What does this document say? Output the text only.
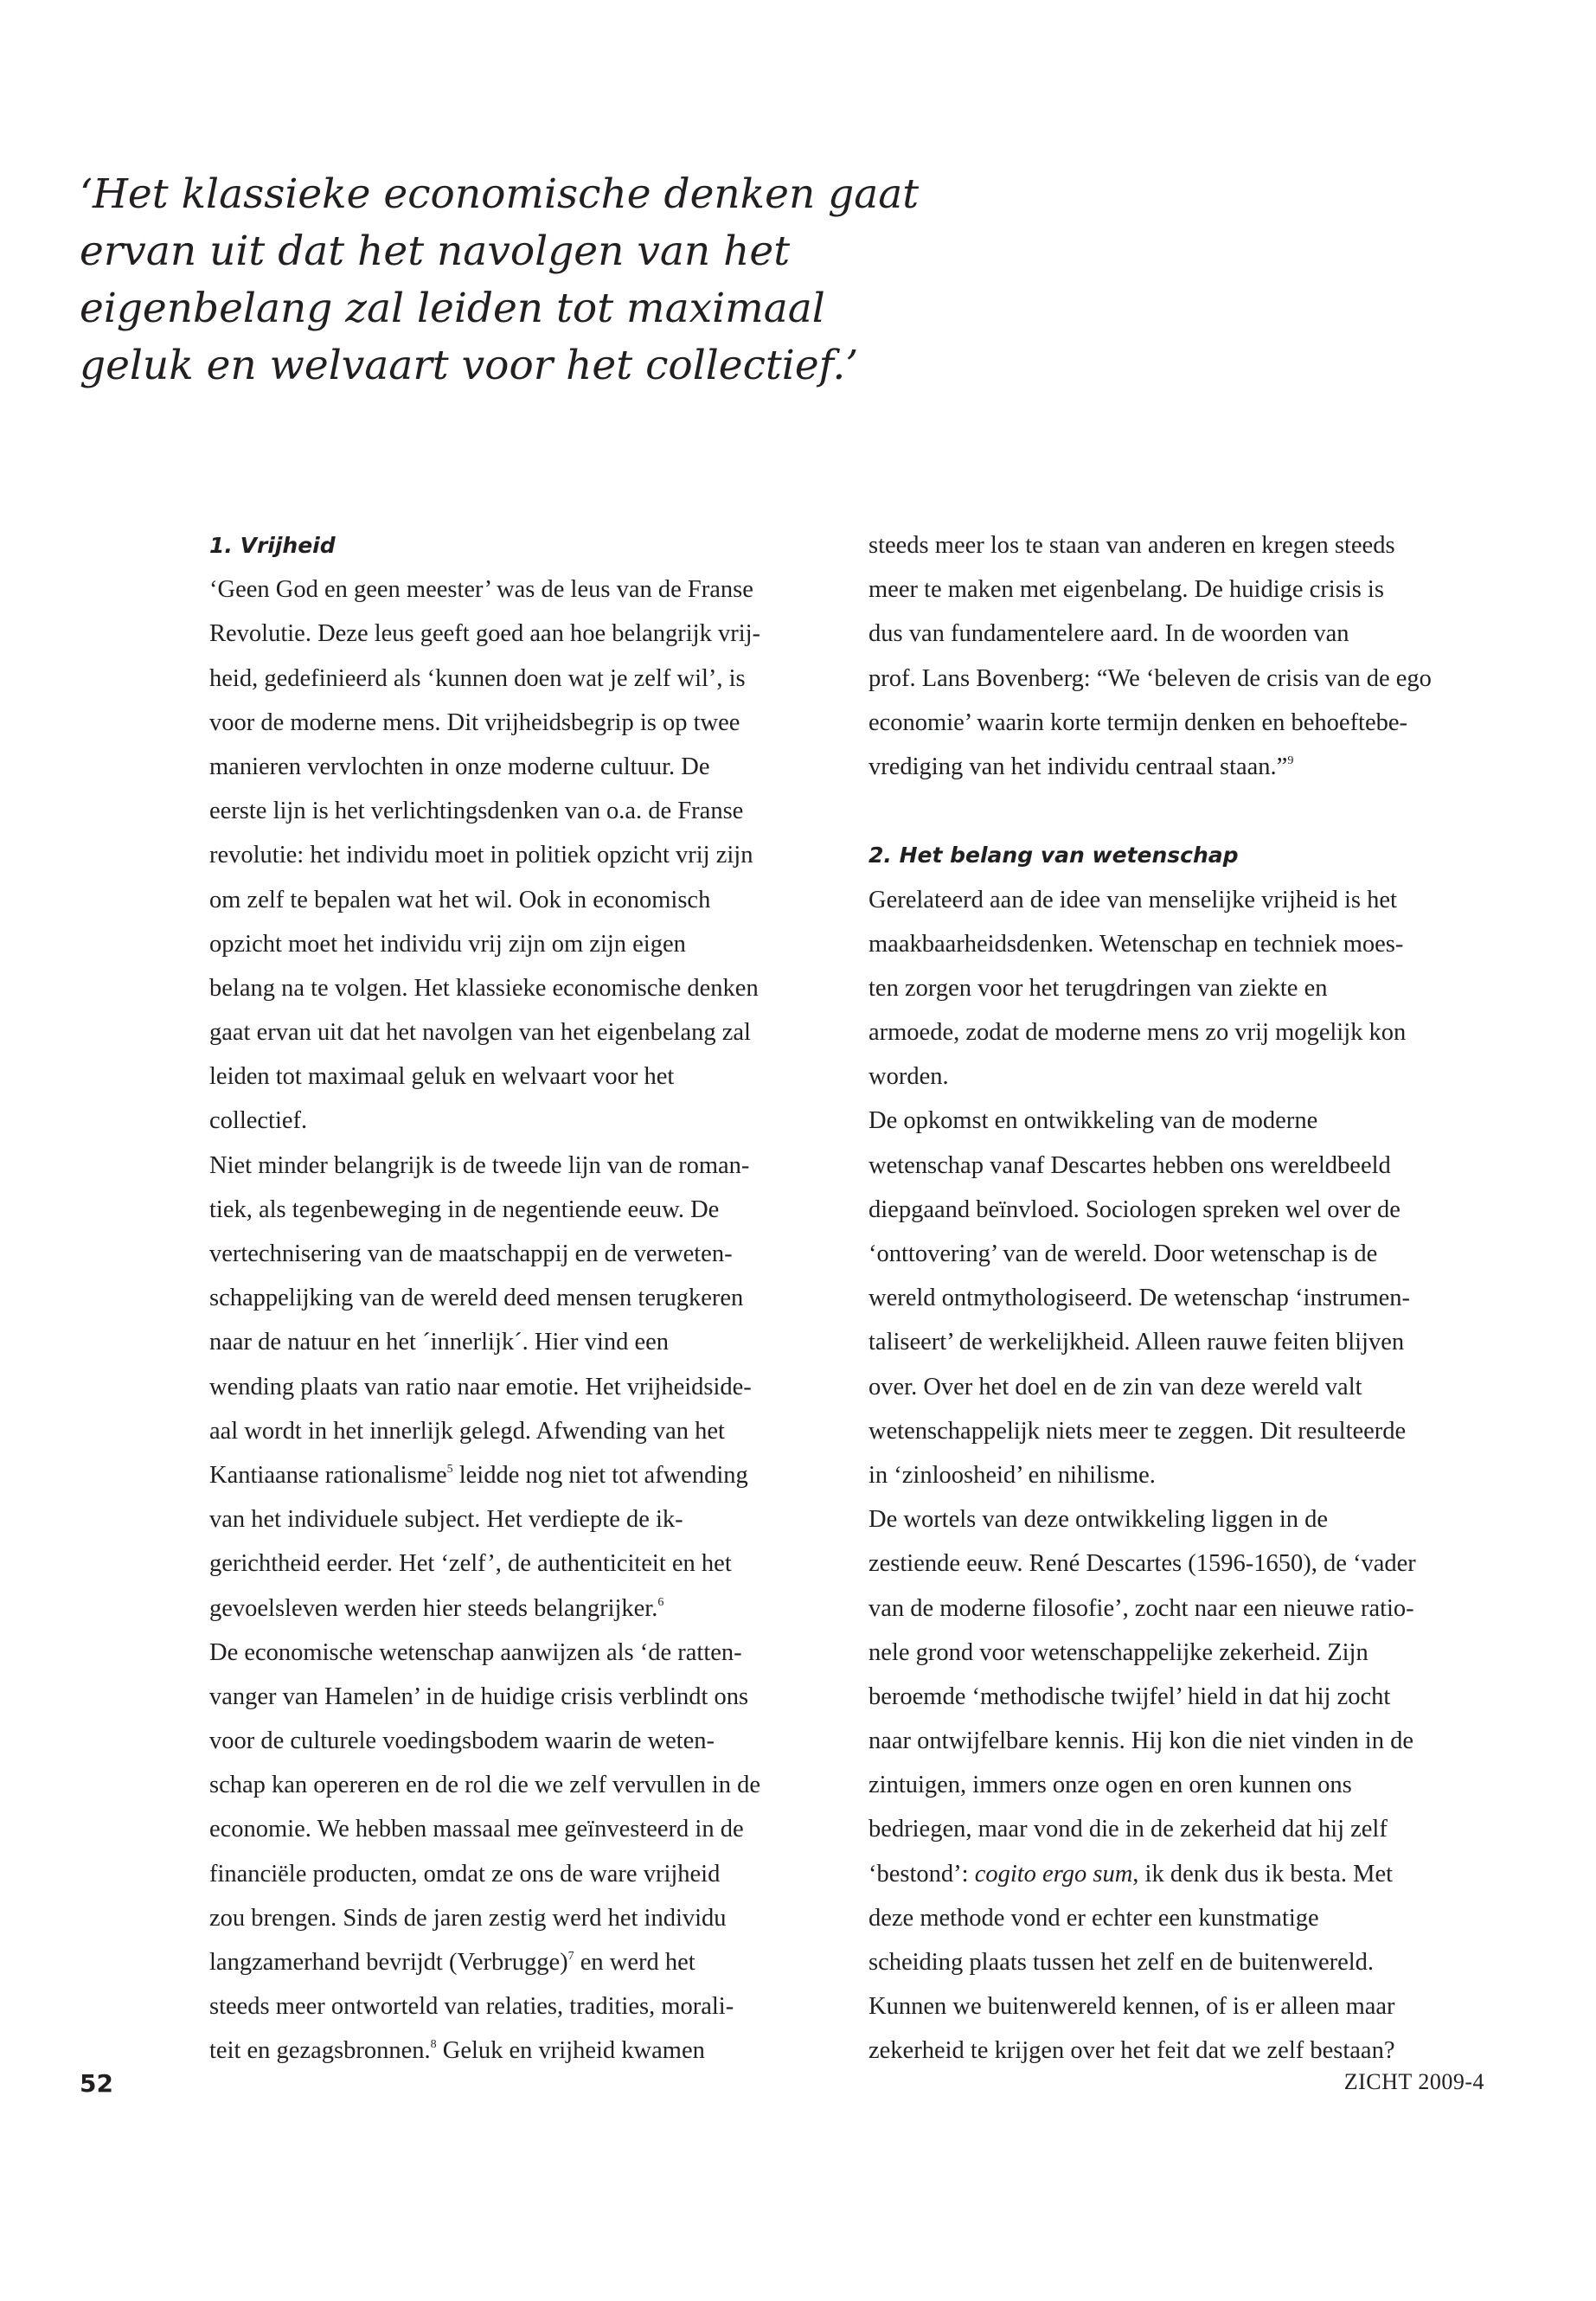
‘Het klassieke economische denken gaat
ervan uit dat het navolgen van het
eigenbelang zal leiden tot maximaal
geluk en welvaart voor het collectief.’
1. Vrijheid
‘Geen God en geen meester’ was de leus van de Franse
Revolutie. Deze leus geeft goed aan hoe belangrijk vrij-
heid, gedefinieerd als ‘kunnen doen wat je zelf wil’, is
voor de moderne mens. Dit vrijheidsbegrip is op twee
manieren vervlochten in onze moderne cultuur. De
eerste lijn is het verlichtingsdenken van o.a. de Franse
revolutie: het individu moet in politiek opzicht vrij zijn
om zelf te bepalen wat het wil. Ook in economisch
opzicht moet het individu vrij zijn om zijn eigen
belang na te volgen. Het klassieke economische denken
gaat ervan uit dat het navolgen van het eigenbelang zal
leiden tot maximaal geluk en welvaart voor het
collectief.
Niet minder belangrijk is de tweede lijn van de roman-
tiek, als tegenbeweging in de negentiende eeuw. De
vertechnisering van de maatschappij en de verweten-
schappelijking van de wereld deed mensen terugkeren
naar de natuur en het ´innerlijk´. Hier vind een
wending plaats van ratio naar emotie. Het vrijheidside-
aal wordt in het innerlijk gelegd. Afwending van het
Kantiaanse rationalisme$^5$ leidde nog niet tot afwending
van het individuele subject. Het verdiepte de ik-
gerichtheid eerder. Het ‘zelf’, de authenticiteit en het
gevoelsleven werden hier steeds belangrijker.$^6$
De economische wetenschap aanwijzen als ‘de ratten-
vanger van Hamelen’ in de huidige crisis verblindt ons
voor de culturele voedingsbodem waarin de weten-
schap kan opereren en de rol die we zelf vervullen in de
economie. We hebben massaal mee geïnvesteerd in de
financiële producten, omdat ze ons de ware vrijheid
zou brengen. Sinds de jaren zestig werd het individu
langzamerhand bevrijdt (Verbrugge)$^7$ en werd het
steeds meer ontworteld van relaties, tradities, morali-
teit en gezagsbronnen.$^8$ Geluk en vrijheid kwamen
steeds meer los te staan van anderen en kregen steeds
meer te maken met eigenbelang. De huidige crisis is
dus van fundamentelere aard. In de woorden van
prof. Lans Bovenberg: “We ‘beleven de crisis van de ego
economie’ waarin korte termijn denken en behoeftebe-
vrediging van het individu centraal staan.”$^9$
2. Het belang van wetenschap
Gerelateerd aan de idee van menselijke vrijheid is het
maakbaarheidsdenken. Wetenschap en techniek moes-
ten zorgen voor het terugdringen van ziekte en
armoede, zodat de moderne mens zo vrij mogelijk kon
worden.
De opkomst en ontwikkeling van de moderne
wetenschap vanaf Descartes hebben ons wereldbeeld
diepgaand beïnvloed. Sociologen spreken wel over de
‘onttovering’ van de wereld. Door wetenschap is de
wereld ontmythologiseerd. De wetenschap ‘instrumen-
taliseert’ de werkelijkheid. Alleen rauwe feiten blijven
over. Over het doel en de zin van deze wereld valt
wetenschappelijk niets meer te zeggen. Dit resulteerde
in ‘zinloosheid’ en nihilisme.
De wortels van deze ontwikkeling liggen in de
zestiende eeuw. René Descartes (1596-1650), de ‘vader
van de moderne filosofie’, zocht naar een nieuwe ratio-
nele grond voor wetenschappelijke zekerheid. Zijn
beroemde ‘methodische twijfel’ hield in dat hij zocht
naar ontwijfelbare kennis. Hij kon die niet vinden in de
zintuigen, immers onze ogen en oren kunnen ons
bedriegen, maar vond die in de zekerheid dat hij zelf
‘bestond’: cogito ergo sum, ik denk dus ik besta. Met
deze methode vond er echter een kunstmatige
scheiding plaats tussen het zelf en de buitenwereld.
Kunnen we buitenwereld kennen, of is er alleen maar
zekerheid te krijgen over het feit dat we zelf bestaan?
52	ZICHT 2009-4
